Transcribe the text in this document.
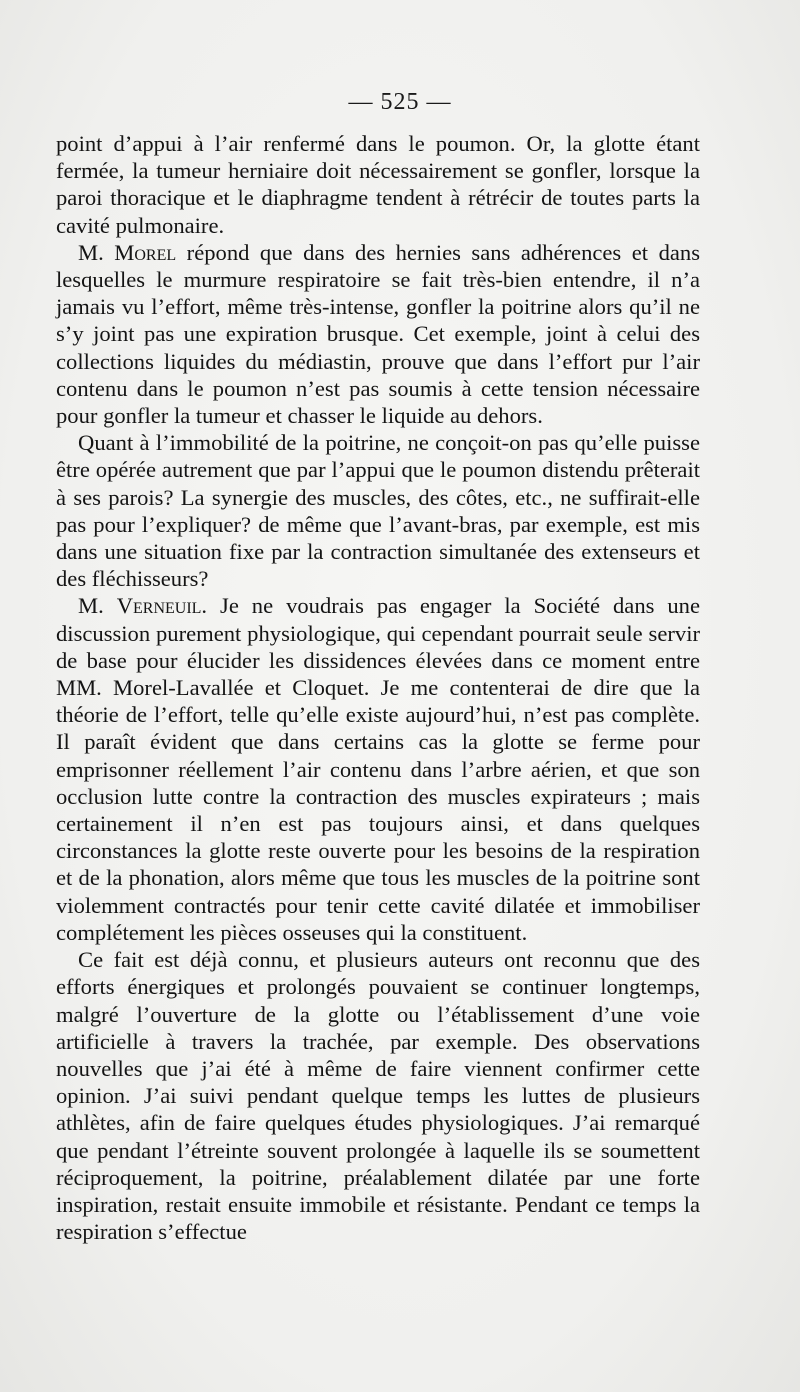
— 525 —

point d’appui à l’air renfermé dans le poumon. Or, la glotte étant fermée, la tumeur herniaire doit nécessairement se gonfler, lorsque la paroi thoracique et le diaphragme tendent à rétrécir de toutes parts la cavité pulmonaire.

M. Morel répond que dans des hernies sans adhérences et dans lesquelles le murmure respiratoire se fait très-bien entendre, il n’a jamais vu l’effort, même très-intense, gonfler la poitrine alors qu’il ne s’y joint pas une expiration brusque. Cet exemple, joint à celui des collections liquides du médiastin, prouve que dans l’effort pur l’air contenu dans le poumon n’est pas soumis à cette tension nécessaire pour gonfler la tumeur et chasser le liquide au dehors.

Quant à l’immobilité de la poitrine, ne conçoit-on pas qu’elle puisse être opérée autrement que par l’appui que le poumon distendu prêterait à ses parois? La synergie des muscles, des côtes, etc., ne suffirait-elle pas pour l’expliquer? de même que l’avant-bras, par exemple, est mis dans une situation fixe par la contraction simultanée des extenseurs et des fléchisseurs?

M. Verneuil. Je ne voudrais pas engager la Société dans une discussion purement physiologique, qui cependant pourrait seule servir de base pour élucider les dissidences élevées dans ce moment entre MM. Morel-Lavallée et Cloquet. Je me contenterai de dire que la théorie de l’effort, telle qu’elle existe aujourd’hui, n’est pas complète. Il paraît évident que dans certains cas la glotte se ferme pour emprisonner réellement l’air contenu dans l’arbre aérien, et que son occlusion lutte contre la contraction des muscles expirateurs ; mais certainement il n’en est pas toujours ainsi, et dans quelques circonstances la glotte reste ouverte pour les besoins de la respiration et de la phonation, alors même que tous les muscles de la poitrine sont violemment contractés pour tenir cette cavité dilatée et immobiliser complétement les pièces osseuses qui la constituent.

Ce fait est déjà connu, et plusieurs auteurs ont reconnu que des efforts énergiques et prolongés pouvaient se continuer longtemps, malgré l’ouverture de la glotte ou l’établissement d’une voie artificielle à travers la trachée, par exemple. Des observations nouvelles que j’ai été à même de faire viennent confirmer cette opinion. J’ai suivi pendant quelque temps les luttes de plusieurs athlètes, afin de faire quelques études physiologiques. J’ai remarqué que pendant l’étreinte souvent prolongée à laquelle ils se soumettent réciproquement, la poitrine, préalablement dilatée par une forte inspiration, restait ensuite immobile et résistante. Pendant ce temps la respiration s’effectue
